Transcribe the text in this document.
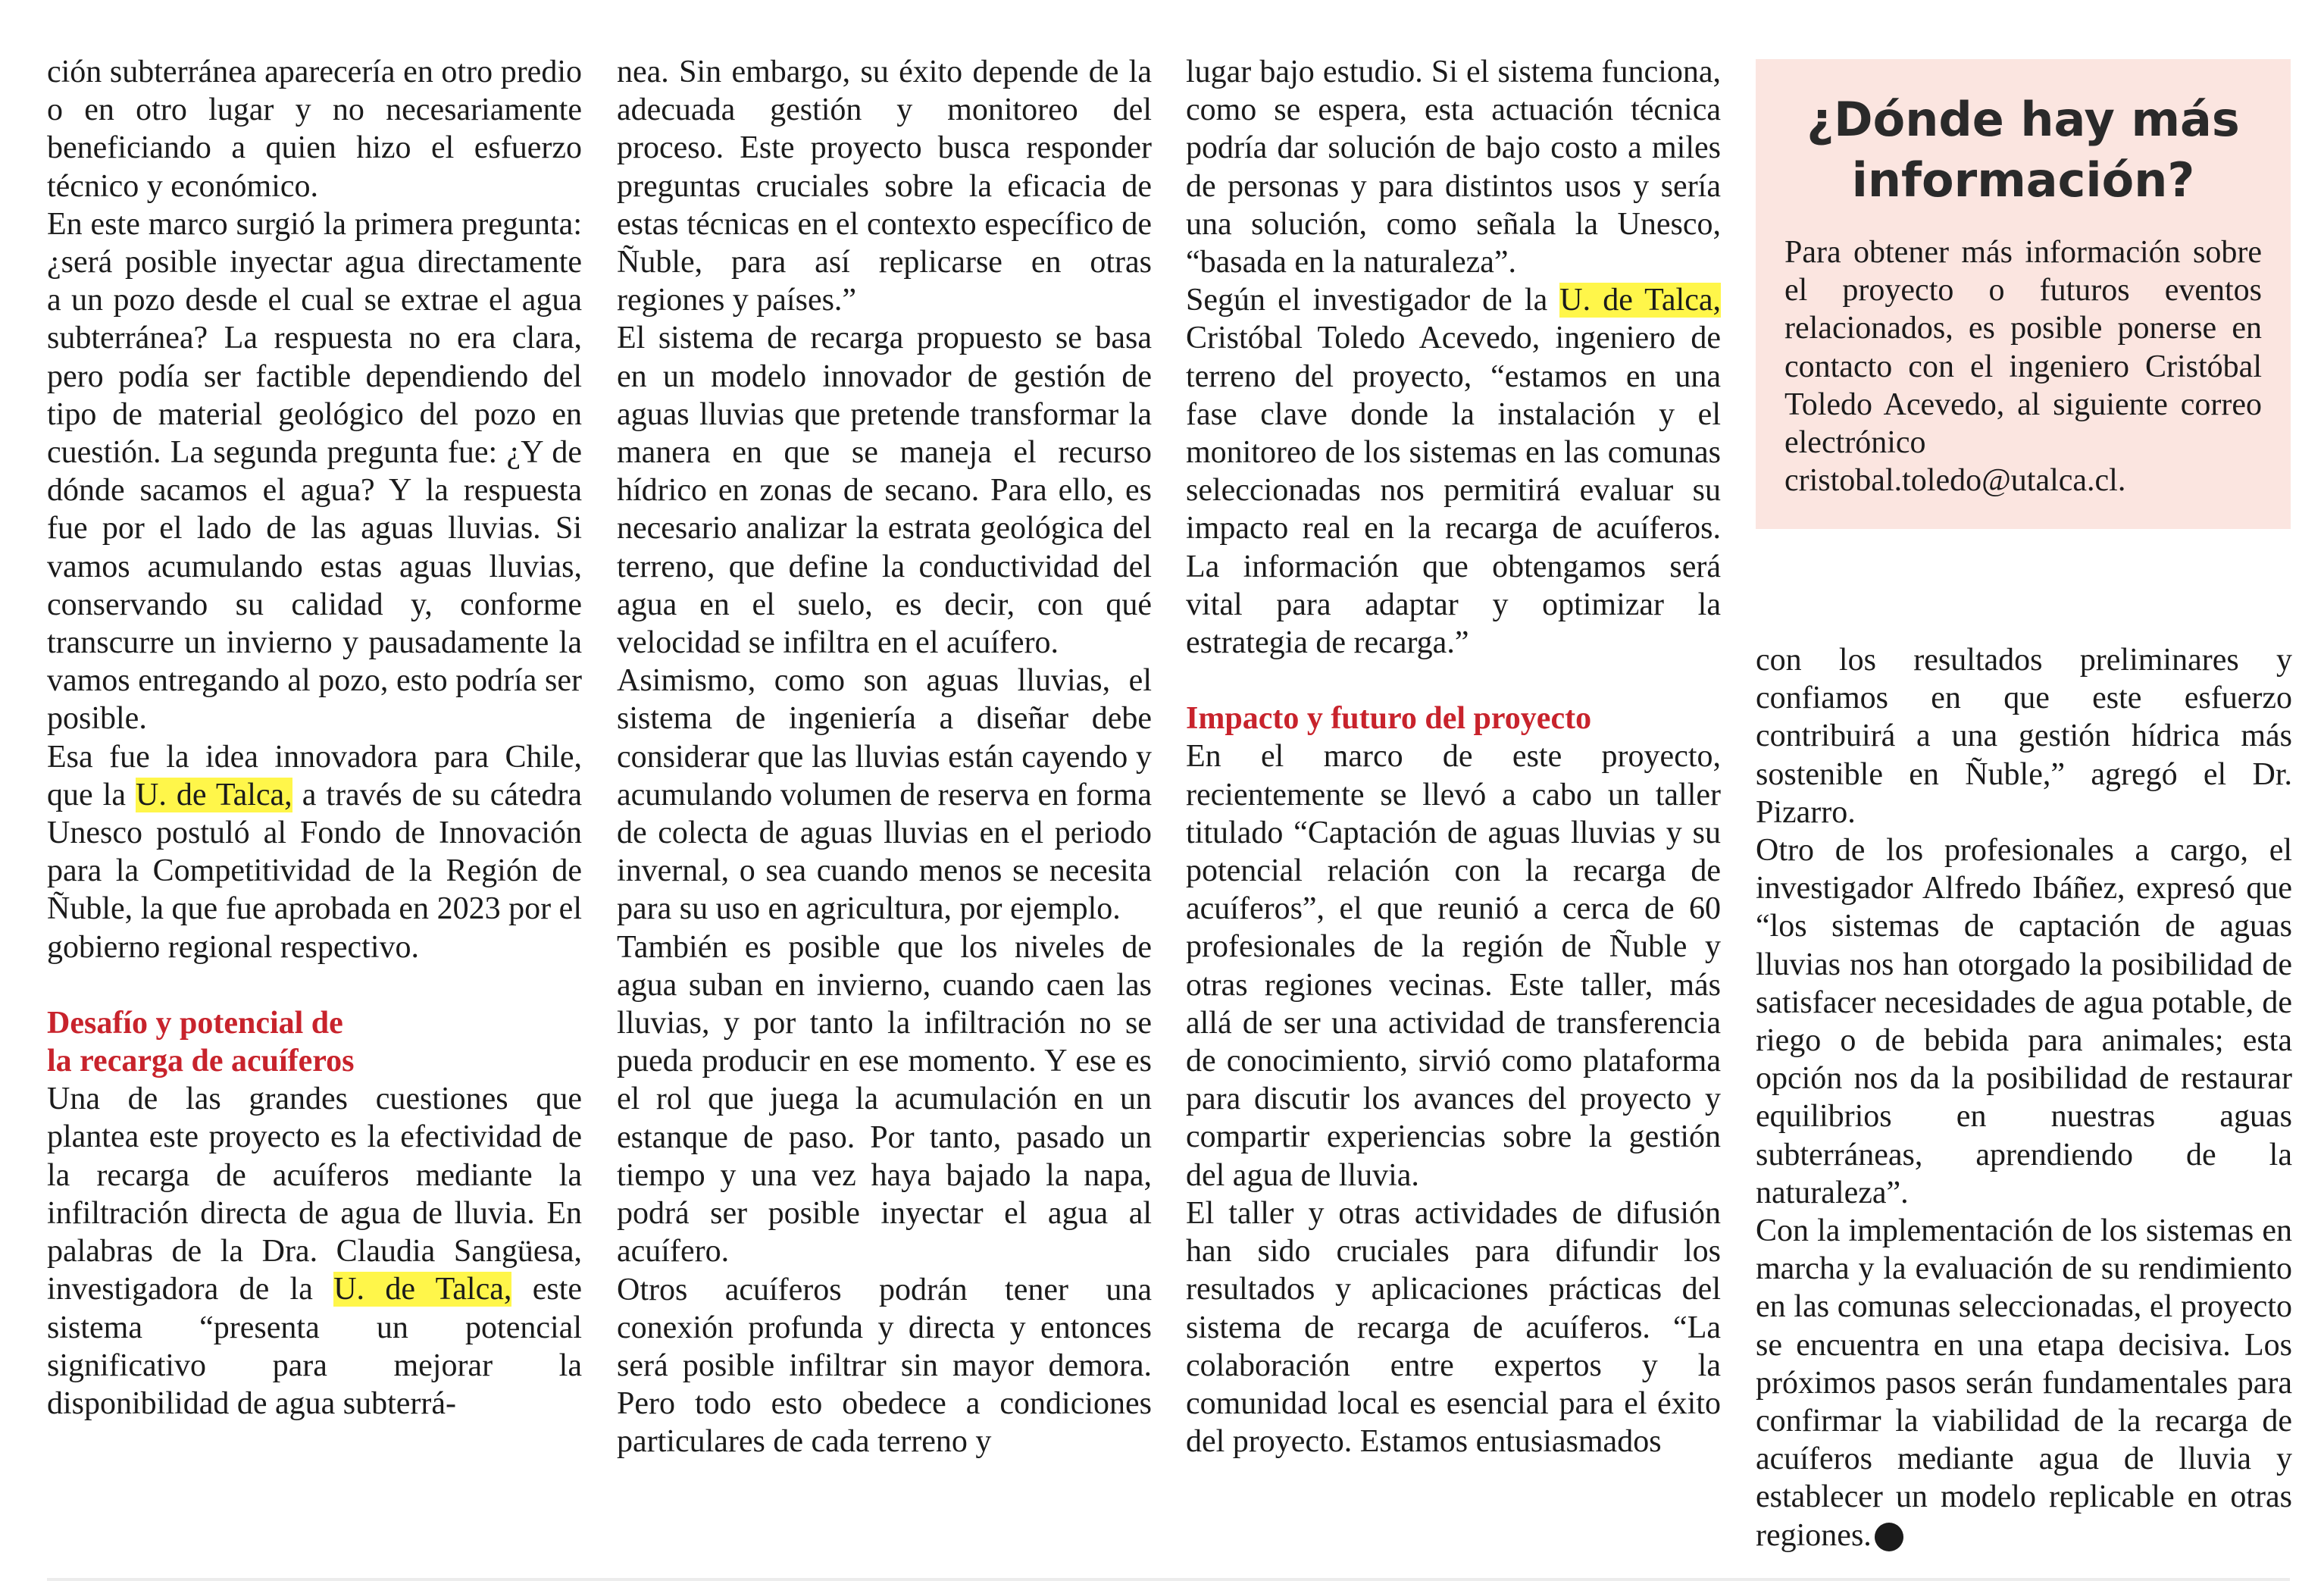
ción subterránea aparecería en otro predio o en otro lugar y no necesariamente beneficiando a quien hizo el esfuerzo técnico y económico.

En este marco surgió la primera pregunta: ¿será posible inyectar agua directamente a un pozo desde el cual se extrae el agua subterránea? La respuesta no era clara, pero podía ser factible dependiendo del tipo de material geológico del pozo en cuestión. La segunda pregunta fue: ¿Y de dónde sacamos el agua? Y la respuesta fue por el lado de las aguas lluvias. Si vamos acumulando estas aguas lluvias, conservando su calidad y, conforme transcurre un invierno y pausadamente la vamos entregando al pozo, esto podría ser posible.

Esa fue la idea innovadora para Chile, que la U. de Talca, a través de su cátedra Unesco postuló al Fondo de Innovación para la Competitividad de la Región de Ñuble, la que fue aprobada en 2023 por el gobierno regional respectivo.

Desafío y potencial de
la recarga de acuíferos

Una de las grandes cuestiones que plantea este proyecto es la efectividad de la recarga de acuíferos mediante la infiltración directa de agua de lluvia. En palabras de la Dra. Claudia Sangüesa, investigadora de la U. de Talca, este sistema “presenta un potencial significativo para mejorar la disponibilidad de agua subterrá-

nea. Sin embargo, su éxito depende de la adecuada gestión y monitoreo del proceso. Este proyecto busca responder preguntas cruciales sobre la eficacia de estas técnicas en el contexto específico de Ñuble, para así replicarse en otras regiones y países.”

El sistema de recarga propuesto se basa en un modelo innovador de gestión de aguas lluvias que pretende transformar la manera en que se maneja el recurso hídrico en zonas de secano. Para ello, es necesario analizar la estrata geológica del terreno, que define la conductividad del agua en el suelo, es decir, con qué velocidad se infiltra en el acuífero.

Asimismo, como son aguas lluvias, el sistema de ingeniería a diseñar debe considerar que las lluvias están cayendo y acumulando volumen de reserva en forma de colecta de aguas lluvias en el periodo invernal, o sea cuando menos se necesita para su uso en agricultura, por ejemplo.

También es posible que los niveles de agua suban en invierno, cuando caen las lluvias, y por tanto la infiltración no se pueda producir en ese momento. Y ese es el rol que juega la acumulación en un estanque de paso. Por tanto, pasado un tiempo y una vez haya bajado la napa, podrá ser posible inyectar el agua al acuífero.

Otros acuíferos podrán tener una conexión profunda y directa y entonces será posible infiltrar sin mayor demora. Pero todo esto obedece a condiciones particulares de cada terreno y

lugar bajo estudio. Si el sistema funciona, como se espera, esta actuación técnica podría dar solución de bajo costo a miles de personas y para distintos usos y sería una solución, como señala la Unesco, “basada en la naturaleza”.

Según el investigador de la U. de Talca, Cristóbal Toledo Acevedo, ingeniero de terreno del proyecto, “estamos en una fase clave donde la instalación y el monitoreo de los sistemas en las comunas seleccionadas nos permitirá evaluar su impacto real en la recarga de acuíferos. La información que obtengamos será vital para adaptar y optimizar la estrategia de recarga.”

Impacto y futuro del proyecto

En el marco de este proyecto, recientemente se llevó a cabo un taller titulado “Captación de aguas lluvias y su potencial relación con la recarga de acuíferos”, el que reunió a cerca de 60 profesionales de la región de Ñuble y otras regiones vecinas. Este taller, más allá de ser una actividad de transferencia de conocimiento, sirvió como plataforma para discutir los avances del proyecto y compartir experiencias sobre la gestión del agua de lluvia.

El taller y otras actividades de difusión han sido cruciales para difundir los resultados y aplicaciones prácticas del sistema de recarga de acuíferos. “La colaboración entre expertos y la comunidad local es esencial para el éxito del proyecto. Estamos entusiasmados

¿Dónde hay más información?

Para obtener más información sobre el proyecto o futuros eventos relacionados, es posible ponerse en contacto con el ingeniero Cristóbal Toledo Acevedo, al siguiente correo electrónico cristobal.toledo@utalca.cl.

con los resultados preliminares y confiamos en que este esfuerzo contribuirá a una gestión hídrica más sostenible en Ñuble,” agregó el Dr. Pizarro.

Otro de los profesionales a cargo, el investigador Alfredo Ibáñez, expresó que “los sistemas de captación de aguas lluvias nos han otorgado la posibilidad de satisfacer necesidades de agua potable, de riego o de bebida para animales; esta opción nos da la posibilidad de restaurar equilibrios en nuestras aguas subterráneas, aprendiendo de la naturaleza”.

Con la implementación de los sistemas en marcha y la evaluación de su rendimiento en las comunas seleccionadas, el proyecto se encuentra en una etapa decisiva. Los próximos pasos serán fundamentales para confirmar la viabilidad de la recarga de acuíferos mediante agua de lluvia y establecer un modelo replicable en otras regiones.
